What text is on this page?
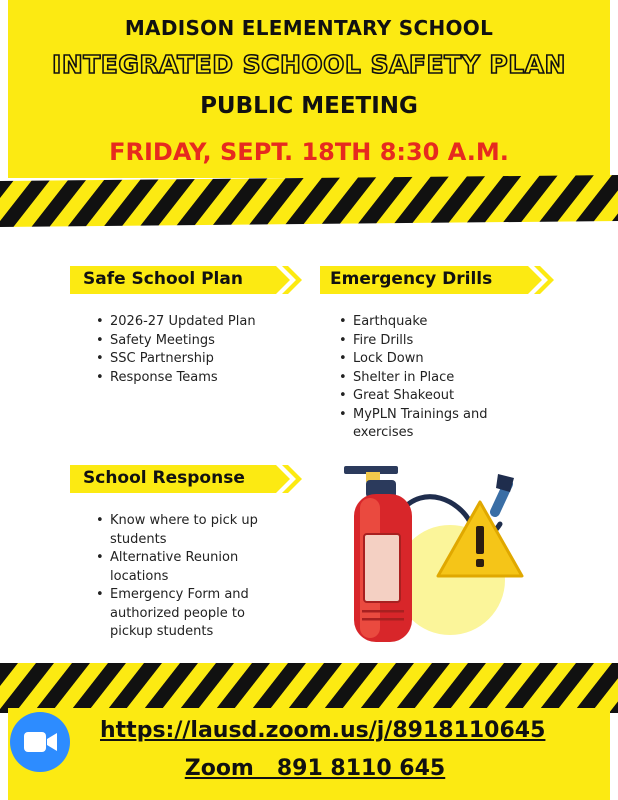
MADISON ELEMENTARY SCHOOL
INTEGRATED SCHOOL SAFETY PLAN
PUBLIC MEETING
FRIDAY, SEPT. 18TH 8:30 A.M.
Safe School Plan
• 2026-27 Updated Plan
• Safety Meetings
• SSC Partnership
• Response Teams
Emergency Drills
• Earthquake
• Fire Drills
• Lock Down
• Shelter in Place
• Great Shakeout
• MyPLN Trainings and exercises
School Response
• Know where to pick up students
• Alternative Reunion locations
• Emergency Form and authorized people to pickup students
https://lausd.zoom.us/j/8918110645
Zoom   891 8110 645
